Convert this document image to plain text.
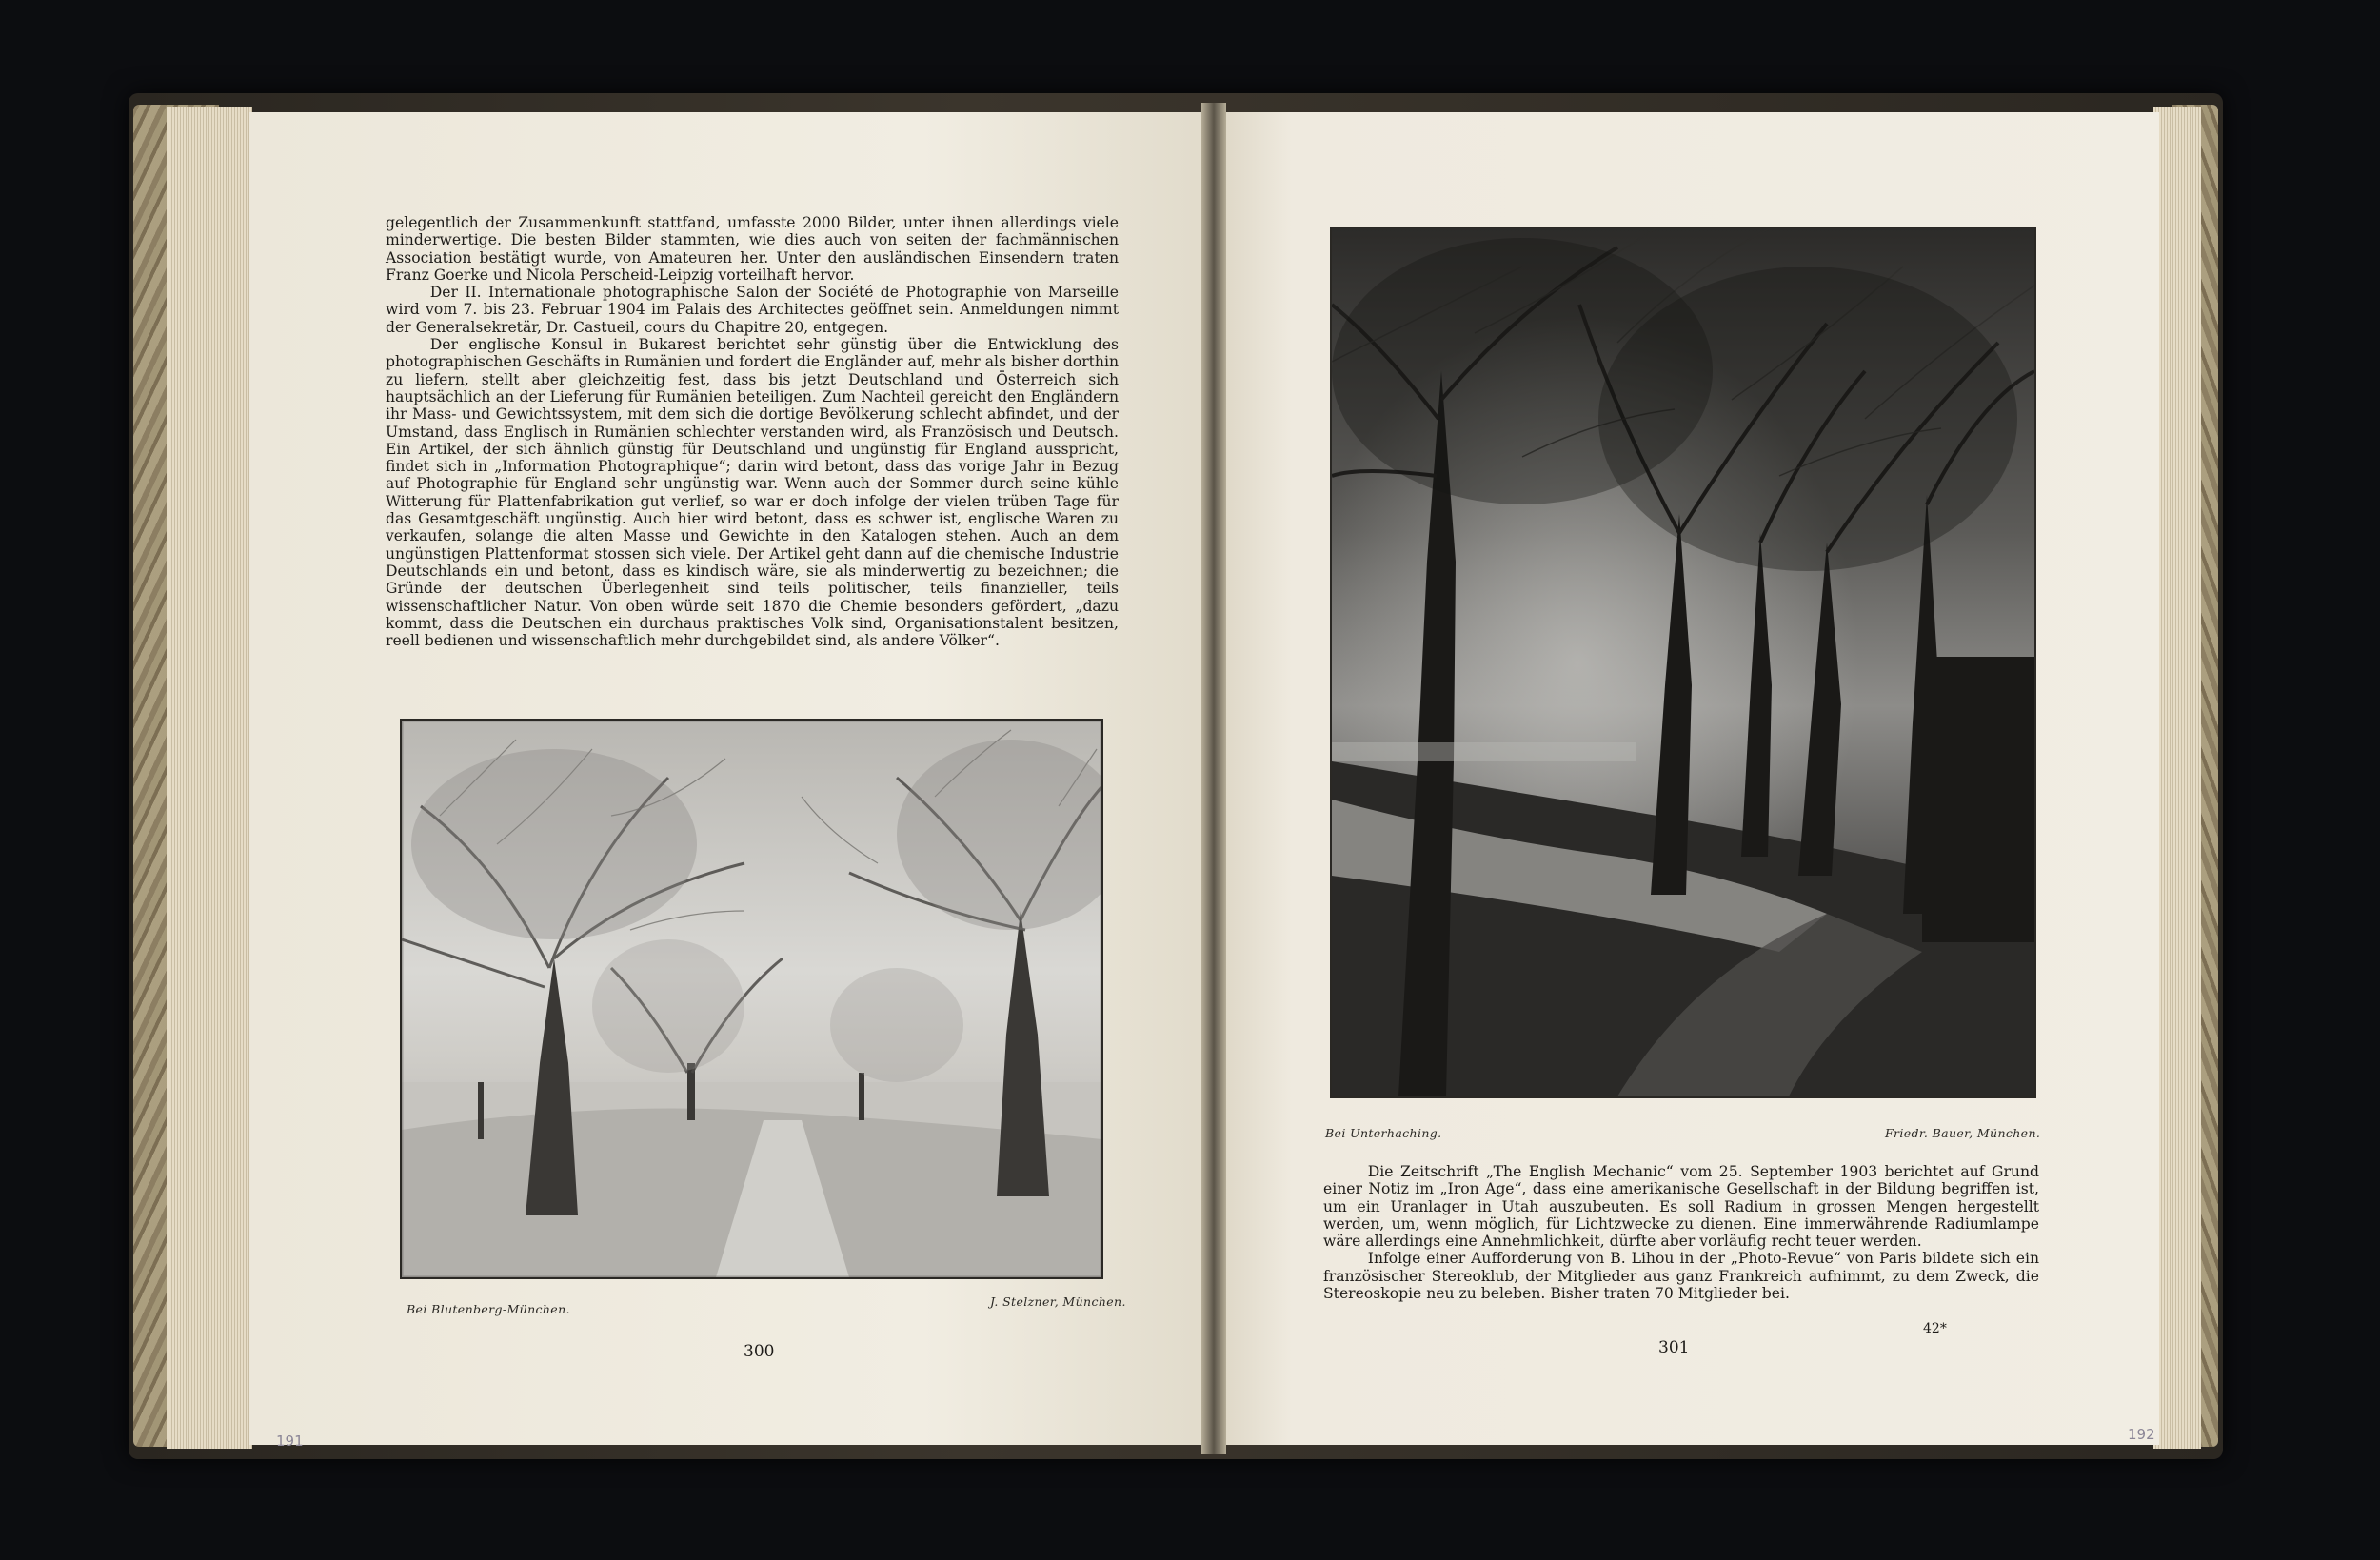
gelegentlich der Zusammenkunft stattfand, umfasste 2000 Bilder, unter ihnen allerdings viele minderwertige. Die besten Bilder stammten, wie dies auch von seiten der fachmännischen Association bestätigt wurde, von Amateuren her. Unter den ausländischen Einsendern traten Franz Goerke und Nicola Perscheid-Leipzig vorteilhaft hervor.

Der II. Internationale photographische Salon der Société de Photographie von Marseille wird vom 7. bis 23. Februar 1904 im Palais des Architectes geöffnet sein. Anmeldungen nimmt der Generalsekretär, Dr. Castueil, cours du Chapitre 20, entgegen.

Der englische Konsul in Bukarest berichtet sehr günstig über die Entwicklung des photographischen Geschäfts in Rumänien und fordert die Engländer auf, mehr als bisher dorthin zu liefern, stellt aber gleichzeitig fest, dass bis jetzt Deutschland und Österreich sich hauptsächlich an der Lieferung für Rumänien beteiligen. Zum Nachteil gereicht den Engländern ihr Mass- und Gewichtssystem, mit dem sich die dortige Bevölkerung schlecht abfindet, und der Umstand, dass Englisch in Rumänien schlechter verstanden wird, als Französisch und Deutsch. Ein Artikel, der sich ähnlich günstig für Deutschland und ungünstig für England ausspricht, findet sich in „Information Photographique“; darin wird betont, dass das vorige Jahr in Bezug auf Photographie für England sehr ungünstig war. Wenn auch der Sommer durch seine kühle Witterung für Plattenfabrikation gut verlief, so war er doch infolge der vielen trüben Tage für das Gesamtgeschäft ungünstig. Auch hier wird betont, dass es schwer ist, englische Waren zu verkaufen, solange die alten Masse und Gewichte in den Katalogen stehen. Auch an dem ungünstigen Plattenformat stossen sich viele. Der Artikel geht dann auf die chemische Industrie Deutschlands ein und betont, dass es kindisch wäre, sie als minderwertig zu bezeichnen; die Gründe der deutschen Überlegenheit sind teils politischer, teils finanzieller, teils wissenschaftlicher Natur. Von oben würde seit 1870 die Chemie besonders gefördert, „dazu kommt, dass die Deutschen ein durchaus praktisches Volk sind, Organisationstalent besitzen, reell bedienen und wissenschaftlich mehr durchgebildet sind, als andere Völker“.

Bei Blutenberg-München.
J. Stelzner, München.
300
191
Bei Unterhaching.	Friedr. Bauer, München.

Die Zeitschrift „The English Mechanic“ vom 25. September 1903 berichtet auf Grund einer Notiz im „Iron Age“, dass eine amerikanische Gesellschaft in der Bildung begriffen ist, um ein Uranlager in Utah auszubeuten. Es soll Radium in grossen Mengen hergestellt werden, um, wenn möglich, für Lichtzwecke zu dienen. Eine immerwährende Radiumlampe wäre allerdings eine Annehmlichkeit, dürfte aber vorläufig recht teuer werden.

Infolge einer Aufforderung von B. Lihou in der „Photo-Revue“ von Paris bildete sich ein französischer Stereoklub, der Mitglieder aus ganz Frankreich aufnimmt, zu dem Zweck, die Stereoskopie neu zu beleben. Bisher traten 70 Mitglieder bei.

42*
301
192
